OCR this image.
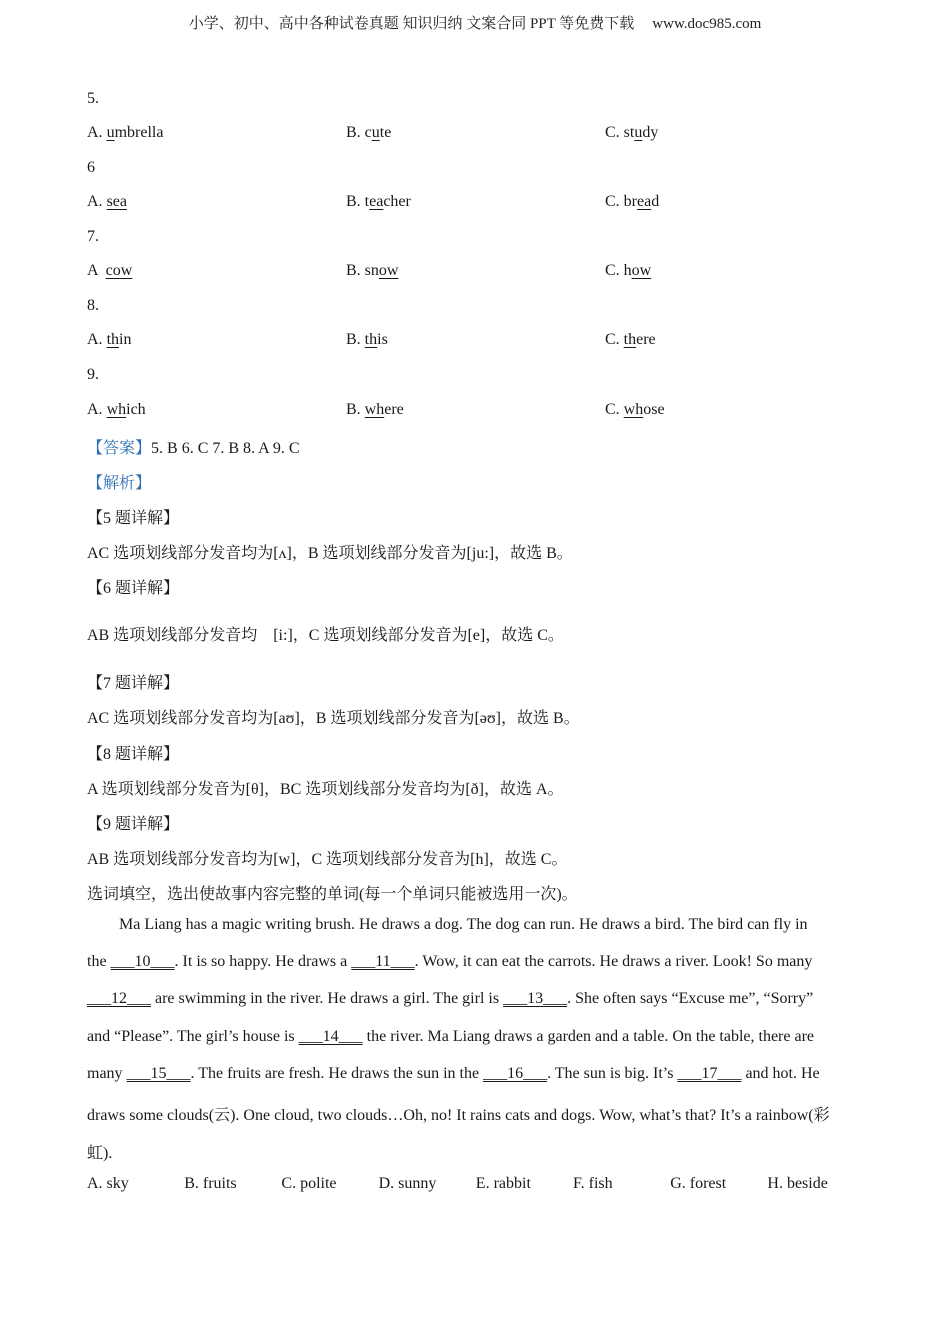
小学、初中、高中各种试卷真题 知识归纳 文案合同 PPT 等免费下载 www.doc985.com
5.
A. umbrella	B. cute	C. study
6
A. sea	B. teacher	C. bread
7.
A  cow	B. snow	C. how
8.
A. thin	B. this	C. there
9.
A. which	B. where	C. whose
【答案】5. B 6. C 7. B 8. A 9. C
【解析】
【5 题详解】
AC 选项划线部分发音均为[ʌ]，B 选项划线部分发音为[ju:]，故选 B。
【6 题详解】
AB 选项划线部分发音均    [i:]，C 选项划线部分发音为[e]，故选 C。
【7 题详解】
AC 选项划线部分发音均为[aʊ]，B 选项划线部分发音为[əʊ]，故选 B。
【8 题详解】
A 选项划线部分发音为[θ]，BC 选项划线部分发音均为[ð]，故选 A。
【9 题详解】
AB 选项划线部分发音均为[w]，C 选项划线部分发音为[h]，故选 C。
选词填空，选出使故事内容完整的单词(每一个单词只能被选用一次)。
Ma Liang has a magic writing brush. He draws a dog. The dog can run. He draws a bird. The bird can fly in
the ___10___. It is so happy. He draws a ___11___. Wow, it can eat the carrots. He draws a river. Look! So many
___12___ are swimming in the river. He draws a girl. The girl is ___13___. She often says “Excuse me”, “Sorry”
and “Please”. The girl’s house is ___14___ the river. Ma Liang draws a garden and a table. On the table, there are
many ___15___. The fruits are fresh. He draws the sun in the ___16___. The sun is big. It’s ___17___ and hot. He
draws some clouds(云). One cloud, two clouds…Oh, no! It rains cats and dogs. Wow, what’s that? It’s a rainbow(彩
虹).
A. sky	B. fruits	C. polite	D. sunny E. rabbit	F. fish	G. forest	H. beside
